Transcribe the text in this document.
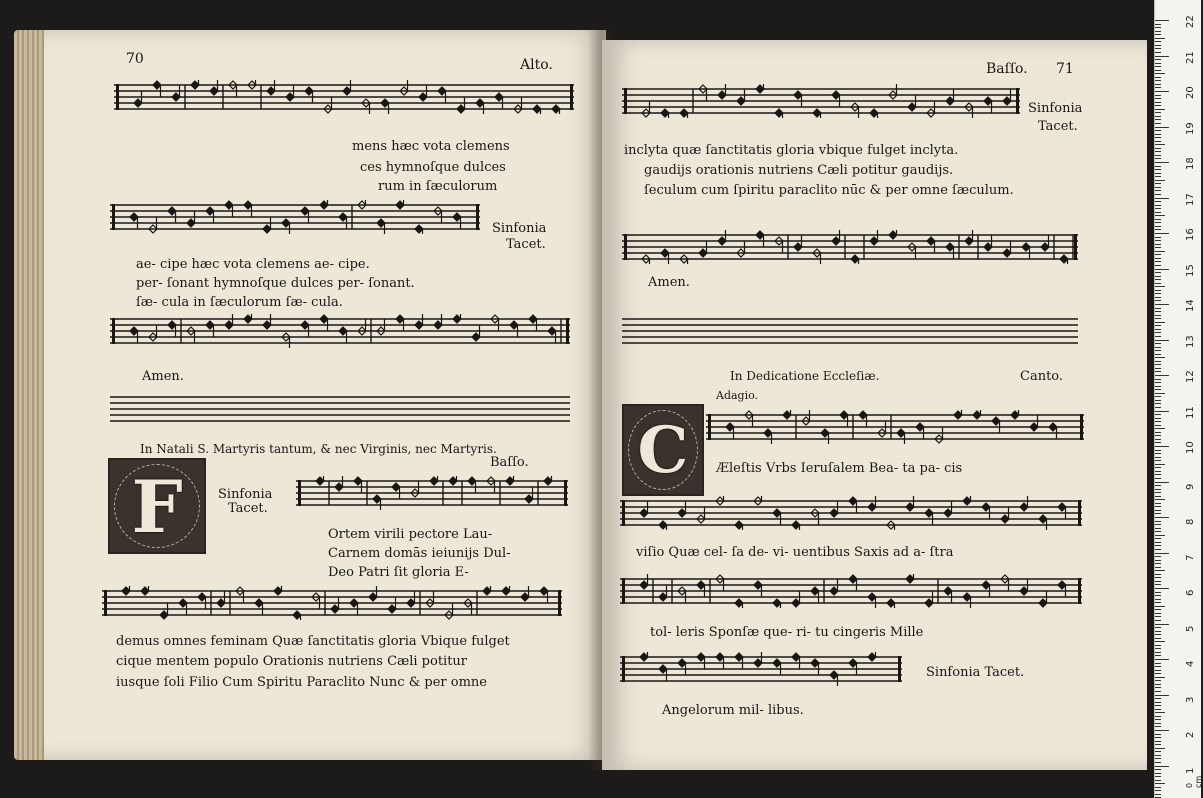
70	Alto.
mens hæc vota clemens
ces hymnoſque dulces
rum in ſæculorum
Sinfonia
Tacet.
ae- cipe hæc vota clemens ae- cipe.
per- ſonant hymnoſque dulces per- ſonant.
ſæ- cula in ſæculorum ſæ- cula.
Amen.
In Natali S. Martyris tantum, & nec Virginis, nec Martyris.
Baſſo.
F	Sinfonia
Tacet.
Ortem virili pectore Lau-
Carnem domās ieiunijs Dul-
Deo Patri ſit gloria E-
demus omnes feminam Quæ ſanctitatis gloria Vbique fulget
cique mentem populo Orationis nutriens Cæli potitur
iusque ſoli Filio Cum Spiritu Paraclito Nunc & per omne
Baſſo. 71
Sinfonia
Tacet.
inclyta quæ ſanctitatis gloria vbique fulget inclyta.
gaudijs orationis nutriens Cæli potitur gaudijs.
ſeculum cum ſpiritu paraclito nūc & per omne ſæculum.
Amen.
In Dedicatione Eccleſiæ.	Canto.
Adagio.
C	Æleſtis Vrbs Ieruſalem Bea- ta pa- cis
viſio Quæ cel- ſa de- vi- uentibus Saxis ad a- ſtra
tol- leris Sponſæ que- ri- tu cingeris Mille
Sinfonia Tacet.
Angelorum mil- libus.
22
21
20
19
18
17
16
15
14
13
12
11
10
9
8
7
6
5
4
3
2
1
0 cm
